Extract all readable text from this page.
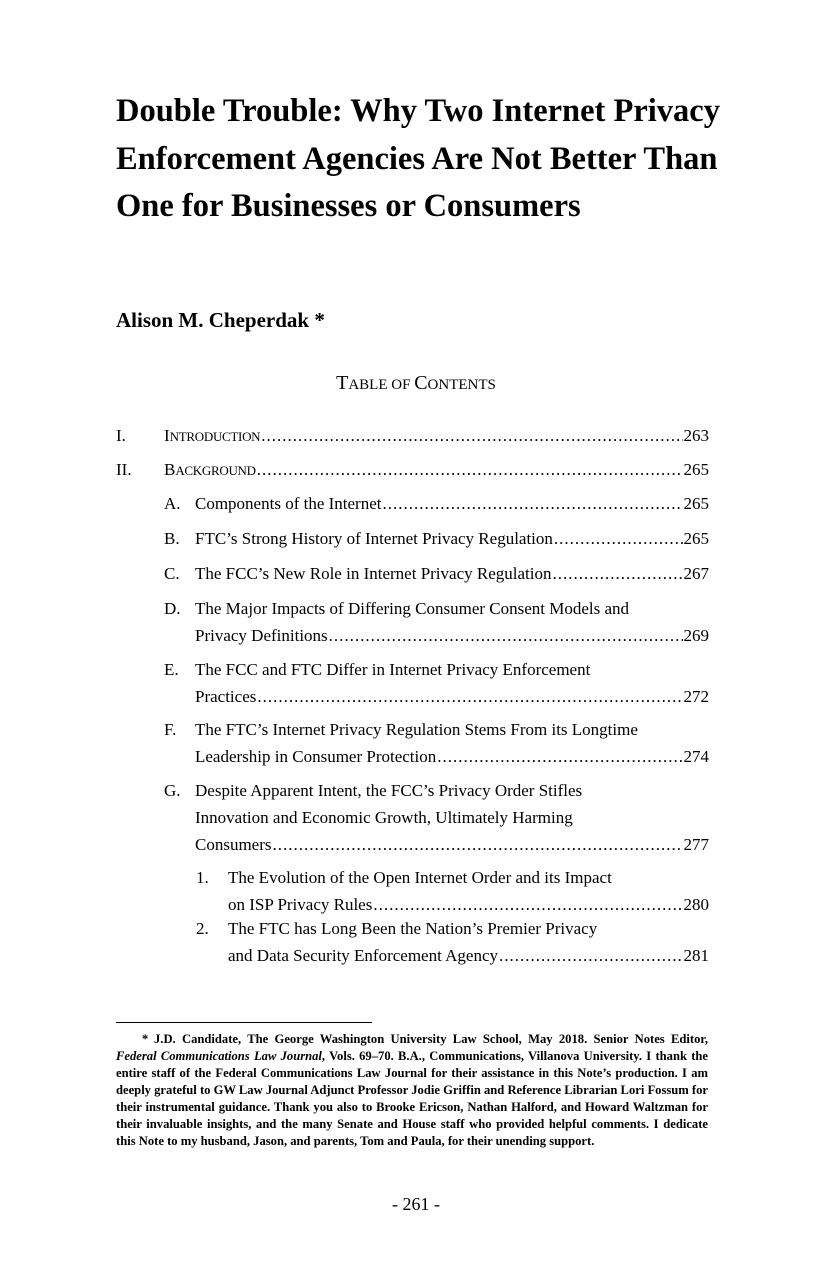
Double Trouble: Why Two Internet Privacy Enforcement Agencies Are Not Better Than One for Businesses or Consumers

Alison M. Cheperdak *

TABLE OF CONTENTS

I. INTRODUCTION .....	263
II. BACKGROUND .....	265
A. Components of the Internet .....	265
B. FTC’s Strong History of Internet Privacy Regulation .....	265
C. The FCC’s New Role in Internet Privacy Regulation .....	267
D. The Major Impacts of Differing Consumer Consent Models and
Privacy Definitions .....	269
E. The FCC and FTC Differ in Internet Privacy Enforcement
Practices .....	272
F. The FTC’s Internet Privacy Regulation Stems From its Longtime
Leadership in Consumer Protection .....	274
G. Despite Apparent Intent, the FCC’s Privacy Order Stifles
Innovation and Economic Growth, Ultimately Harming
Consumers .....	277
1. The Evolution of the Open Internet Order and its Impact
on ISP Privacy Rules .....	280
2. The FTC has Long Been the Nation’s Premier Privacy
and Data Security Enforcement Agency .....	281

* J.D. Candidate, The George Washington University Law School, May 2018. Senior Notes Editor, Federal Communications Law Journal, Vols. 69–70. B.A., Communications, Villanova University. I thank the entire staff of the Federal Communications Law Journal for their assistance in this Note’s production. I am deeply grateful to GW Law Journal Adjunct Professor Jodie Griffin and Reference Librarian Lori Fossum for their instrumental guidance. Thank you also to Brooke Ericson, Nathan Halford, and Howard Waltzman for their invaluable insights, and the many Senate and House staff who provided helpful comments. I dedicate this Note to my husband, Jason, and parents, Tom and Paula, for their unending support.

- 261 -
